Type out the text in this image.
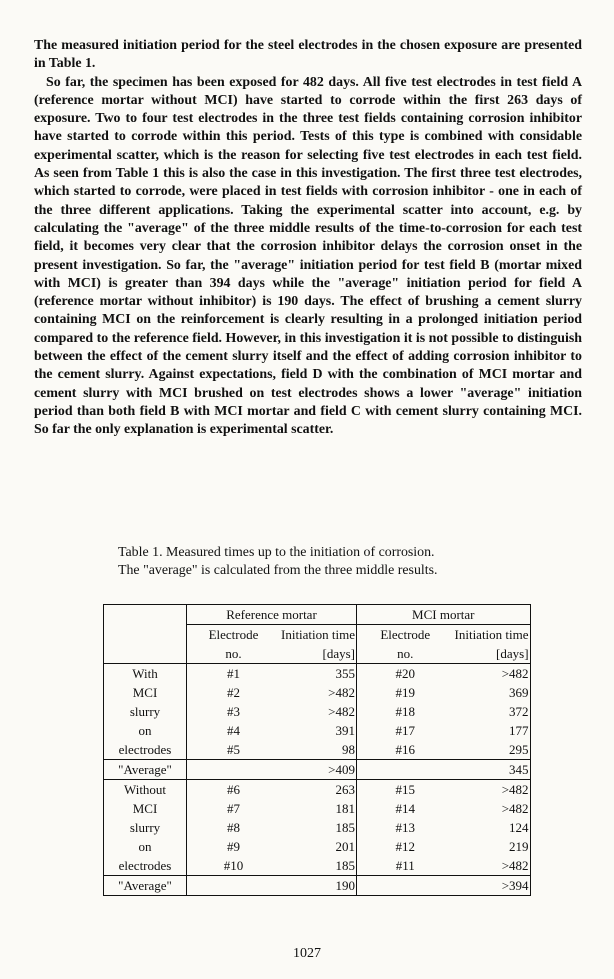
The measured initiation period for the steel electrodes in the chosen exposure are presented in Table 1.

So far, the specimen has been exposed for 482 days. All five test electrodes in test field A (reference mortar without MCI) have started to corrode within the first 263 days of exposure. Two to four test electrodes in the three test fields containing corrosion inhibitor have started to corrode within this period. Tests of this type is combined with considable experimental scatter, which is the reason for selecting five test electrodes in each test field. As seen from Table 1 this is also the case in this investigation. The first three test electrodes, which started to corrode, were placed in test fields with corrosion inhibitor - one in each of the three different applications. Taking the experimental scatter into account, e.g. by calculating the "average" of the three middle results of the time-to-corrosion for each test field, it becomes very clear that the corrosion inhibitor delays the corrosion onset in the present investigation. So far, the "average" initiation period for test field B (mortar mixed with MCI) is greater than 394 days while the "average" initiation period for field A (reference mortar without inhibitor) is 190 days. The effect of brushing a cement slurry containing MCI on the reinforcement is clearly resulting in a prolonged initiation period compared to the reference field. However, in this investigation it is not possible to distinguish between the effect of the cement slurry itself and the effect of adding corrosion inhibitor to the cement slurry. Against expectations, field D with the combination of MCI mortar and cement slurry with MCI brushed on test electrodes shows a lower "average" initiation period than both field B with MCI mortar and field C with cement slurry containing MCI. So far the only explanation is experimental scatter.

Table 1. Measured times up to the initiation of corrosion.
The "average" is calculated from the three middle results.
	Reference mortar		MCI mortar	
	Electrode	Initiation time	Electrode	Initiation time
	no.	[days]	no.	[days]
With	#1	355	#20	>482
MCI	#2	>482	#19	369
slurry	#3	>482	#18	372
on	#4	391	#17	177
electrodes	#5	98	#16	295
"Average"		>409		345
Without	#6	263	#15	>482
MCI	#7	181	#14	>482
slurry	#8	185	#13	124
on	#9	201	#12	219
electrodes	#10	185	#11	>482
"Average"		190		>394
1027
